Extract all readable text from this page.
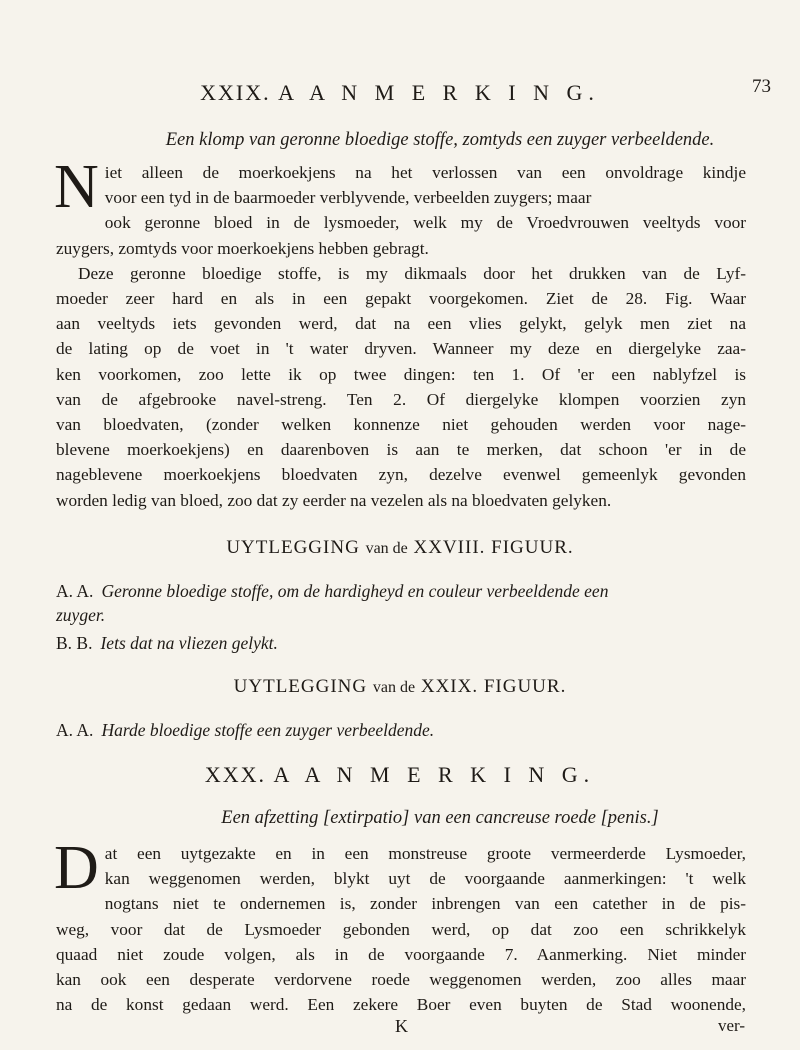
73
XXIX. A A N M E R K I N G.
Een klomp van geronne bloedige stoffe, zomtyds een zuyger verbeeldende.
N iet alleen de moerkoekjens na het verlossen van een onvoldrage kindje
voor een tyd in de baarmoeder verblyvende, verbeelden zuygers; maar
ook geronne bloed in de lysmoeder, welk my de Vroedvrouwen veeltyds voor
zuygers, zomtyds voor moerkoekjens hebben gebragt.
Deze geronne bloedige stoffe, is my dikmaals door het drukken van de Lyf-
moeder zeer hard en als in een gepakt voorgekomen. Ziet de 28. Fig. Waar
aan veeltyds iets gevonden werd, dat na een vlies gelykt, gelyk men ziet na
de lating op de voet in 't water dryven. Wanneer my deze en diergelyke zaa-
ken voorkomen, zoo lette ik op twee dingen: ten 1. Of 'er een nablyfzel is
van de afgebrooke navel-streng. Ten 2. Of diergelyke klompen voorzien zyn
van bloedvaten, (zonder welken konnenze niet gehouden werden voor nage-
blevene moerkoekjens) en daarenboven is aan te merken, dat schoon 'er in de
nageblevene moerkoekjens bloedvaten zyn, dezelve evenwel gemeenlyk gevonden
worden ledig van bloed, zoo dat zy eerder na vezelen als na bloedvaten gelyken.
UYTLEGGING van de XXVIII. FIGUUR.
A. A. Geronne bloedige stoffe, om de hardigheyd en couleur verbeeldende een
zuyger.
B. B. Iets dat na vliezen gelykt.
UYTLEGGING van de XXIX. FIGUUR.
A. A. Harde bloedige stoffe een zuyger verbeeldende.
XXX. A A N M E R K I N G.
Een afzetting [extirpatio] van een cancreuse roede [penis.]
D at een uytgezakte en in een monstreuse groote vermeerderde Lysmoeder,
kan weggenomen werden, blykt uyt de voorgaande aanmerkingen: 't welk
nogtans niet te ondernemen is, zonder inbrengen van een catether in de pis-
weg, voor dat de Lysmoeder gebonden werd, op dat zoo een schrikkelyk
quaad niet zoude volgen, als in de voorgaande 7. Aanmerking. Niet minder
kan ook een desperate verdorvene roede weggenomen werden, zoo alles maar
na de konst gedaan werd. Een zekere Boer even buyten de Stad woonende,
K	ver-
